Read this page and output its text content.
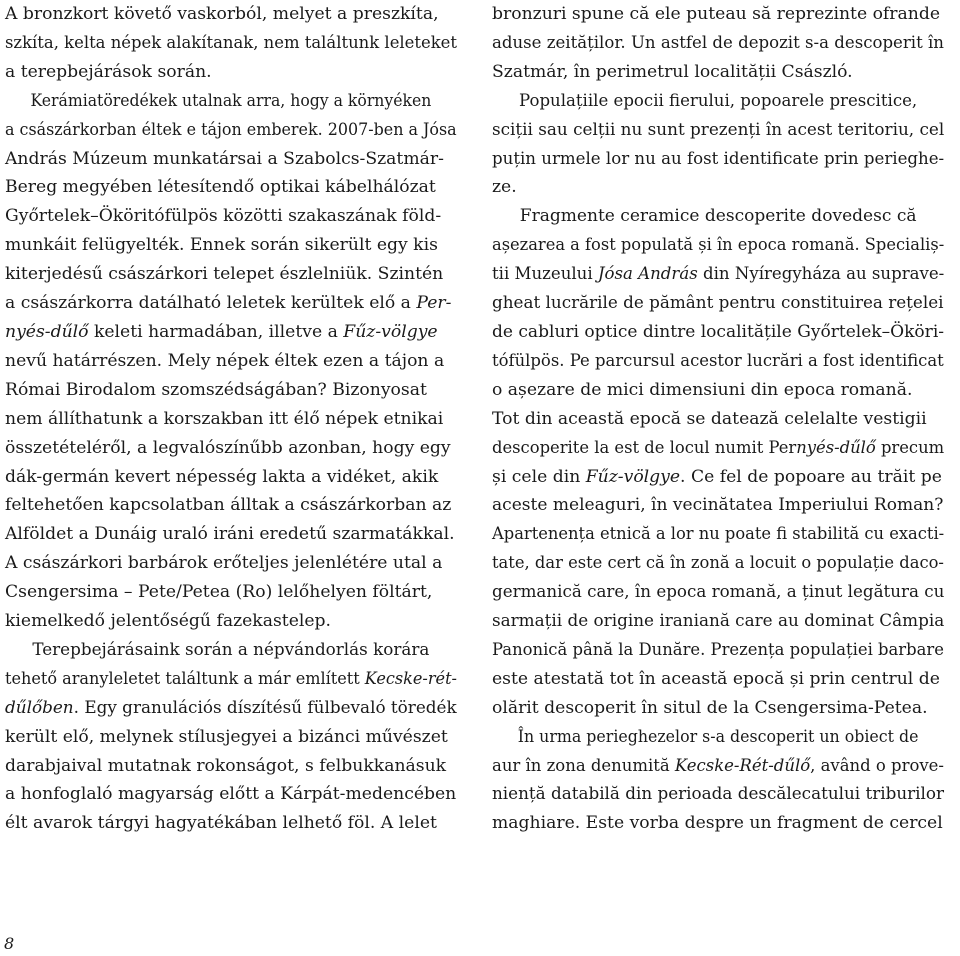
A bronzkort követő vaskorból, melyet a preszkíta,
szkíta, kelta népek alakítanak, nem találtunk leleteket
a terepbejárások során.
Kerámiatöredékek utalnak arra, hogy a környéken
a császárkorban éltek e tájon emberek. 2007-ben a Jósa
András Múzeum munkatársai a Szabolcs-Szatmár-
Bereg megyében létesítendő optikai kábelhálózat
Győrtelek–Ököritófülpös közötti szakaszának föld-
munkáit felügyelték. Ennek során sikerült egy kis
kiterjedésű császárkori telepet észlelniük. Szintén
a császárkorra datálható leletek kerültek elő a Per-
nyés-dűlő keleti harmadában, illetve a Fűz-völgye
nevű határrészen. Mely népek éltek ezen a tájon a
Római Birodalom szomszédságában? Bizonyosat
nem állíthatunk a korszakban itt élő népek etnikai
összetételéről, a legvalószínűbb azonban, hogy egy
dák-germán kevert népesség lakta a vidéket, akik
feltehetően kapcsolatban álltak a császárkorban az
Alföldet a Dunáig uraló iráni eredetű szarmatákkal.
A császárkori barbárok erőteljes jelenlétére utal a
Csengersima – Pete/Petea (Ro) lelőhelyen föltárt,
kiemelkedő jelentőségű fazekastelep.
Terepbejárásaink során a népvándorlás korára
tehető aranyleletet találtunk a már említett Kecske-rét-
dűlőben. Egy granulációs díszítésű fülbevaló töredék
került elő, melynek stílusjegyei a bizánci művészet
darabjaival mutatnak rokonságot, s felbukkanásuk
a honfoglaló magyarság előtt a Kárpát-medencében
élt avarok tárgyi hagyatékában lelhető föl. A lelet
bronzuri spune că ele puteau să reprezinte ofrande
aduse zeităților. Un astfel de depozit s-a descoperit în
Szatmár, în perimetrul localității Császló.
Populațiile epocii fierului, popoarele prescitice,
sciții sau celții nu sunt prezenți în acest teritoriu, cel
puțin urmele lor nu au fost identificate prin perieghe-
ze.
Fragmente ceramice descoperite dovedesc că
așezarea a fost populată și în epoca romană. Specialiș-
tii Muzeului Jósa András din Nyíregyháza au suprave-
gheat lucrările de pământ pentru constituirea rețelei
de cabluri optice dintre localitățile Győrtelek–Ököri-
tófülpös. Pe parcursul acestor lucrări a fost identificat
o așezare de mici dimensiuni din epoca romană.
Tot din această epocă se datează celelalte vestigii
descoperite la est de locul numit Pernyés-dűlő precum
și cele din Fűz-völgye. Ce fel de popoare au trăit pe
aceste meleaguri, în vecinătatea Imperiului Roman?
Apartenența etnică a lor nu poate fi stabilită cu exacti-
tate, dar este cert că în zonă a locuit o populație daco-
germanică care, în epoca romană, a ținut legătura cu
sarmații de origine iraniană care au dominat Câmpia
Panonică până la Dunăre. Prezența populației barbare
este atestată tot în această epocă și prin centrul de
olărit descoperit în situl de la Csengersima-Petea.
În urma perieghezelor s-a descoperit un obiect de
aur în zona denumită Kecske-Rét-dűlő, având o prove-
niență databilă din perioada descălecatului triburilor
maghiare. Este vorba despre un fragment de cercel
8
